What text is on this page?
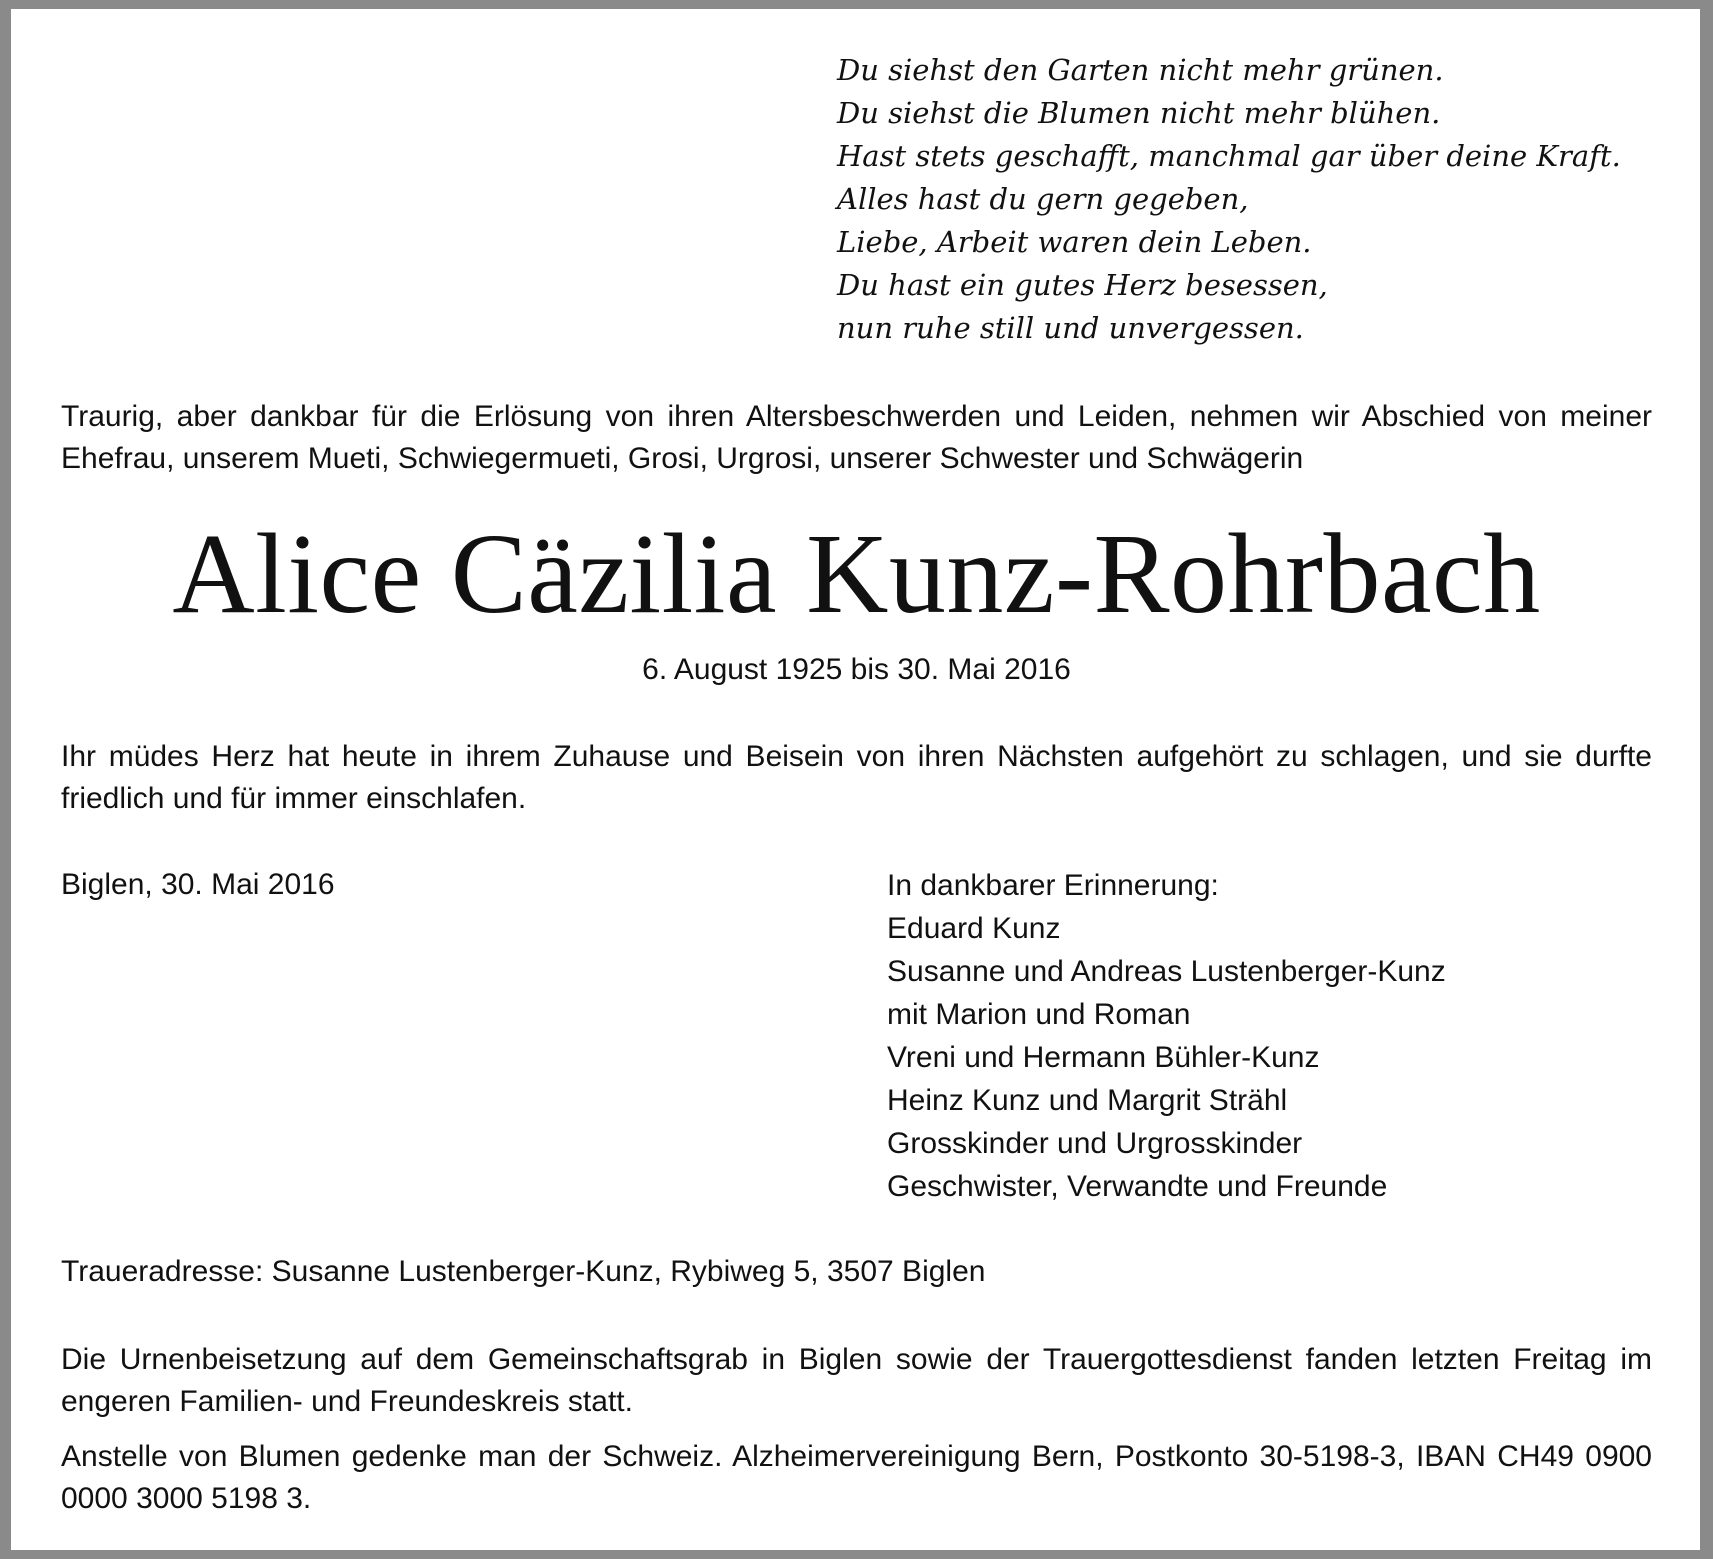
Du siehst den Garten nicht mehr grünen.
Du siehst die Blumen nicht mehr blühen.
Hast stets geschafft, manchmal gar über deine Kraft.
Alles hast du gern gegeben,
Liebe, Arbeit waren dein Leben.
Du hast ein gutes Herz besessen,
nun ruhe still und unvergessen.
Traurig, aber dankbar für die Erlösung von ihren Altersbeschwerden und Leiden, nehmen wir Abschied von meiner Ehefrau, unserem Mueti, Schwiegermueti, Grosi, Urgrosi, unserer Schwester und Schwägerin
Alice Cäzilia Kunz-Rohrbach
6. August 1925 bis 30. Mai 2016
Ihr müdes Herz hat heute in ihrem Zuhause und Beisein von ihren Nächsten aufgehört zu schlagen, und sie durfte friedlich und für immer einschlafen.
Biglen, 30. Mai 2016	In dankbarer Erinnerung:
Eduard Kunz
Susanne und Andreas Lustenberger-Kunz
mit Marion und Roman
Vreni und Hermann Bühler-Kunz
Heinz Kunz und Margrit Strähl
Grosskinder und Urgrosskinder
Geschwister, Verwandte und Freunde
Traueradresse: Susanne Lustenberger-Kunz, Rybiweg 5, 3507 Biglen
Die Urnenbeisetzung auf dem Gemeinschaftsgrab in Biglen sowie der Trauergottesdienst fanden letzten Freitag im engeren Familien- und Freundeskreis statt.
Anstelle von Blumen gedenke man der Schweiz. Alzheimervereinigung Bern, Postkonto 30-5198-3, IBAN CH49 0900 0000 3000 5198 3.
